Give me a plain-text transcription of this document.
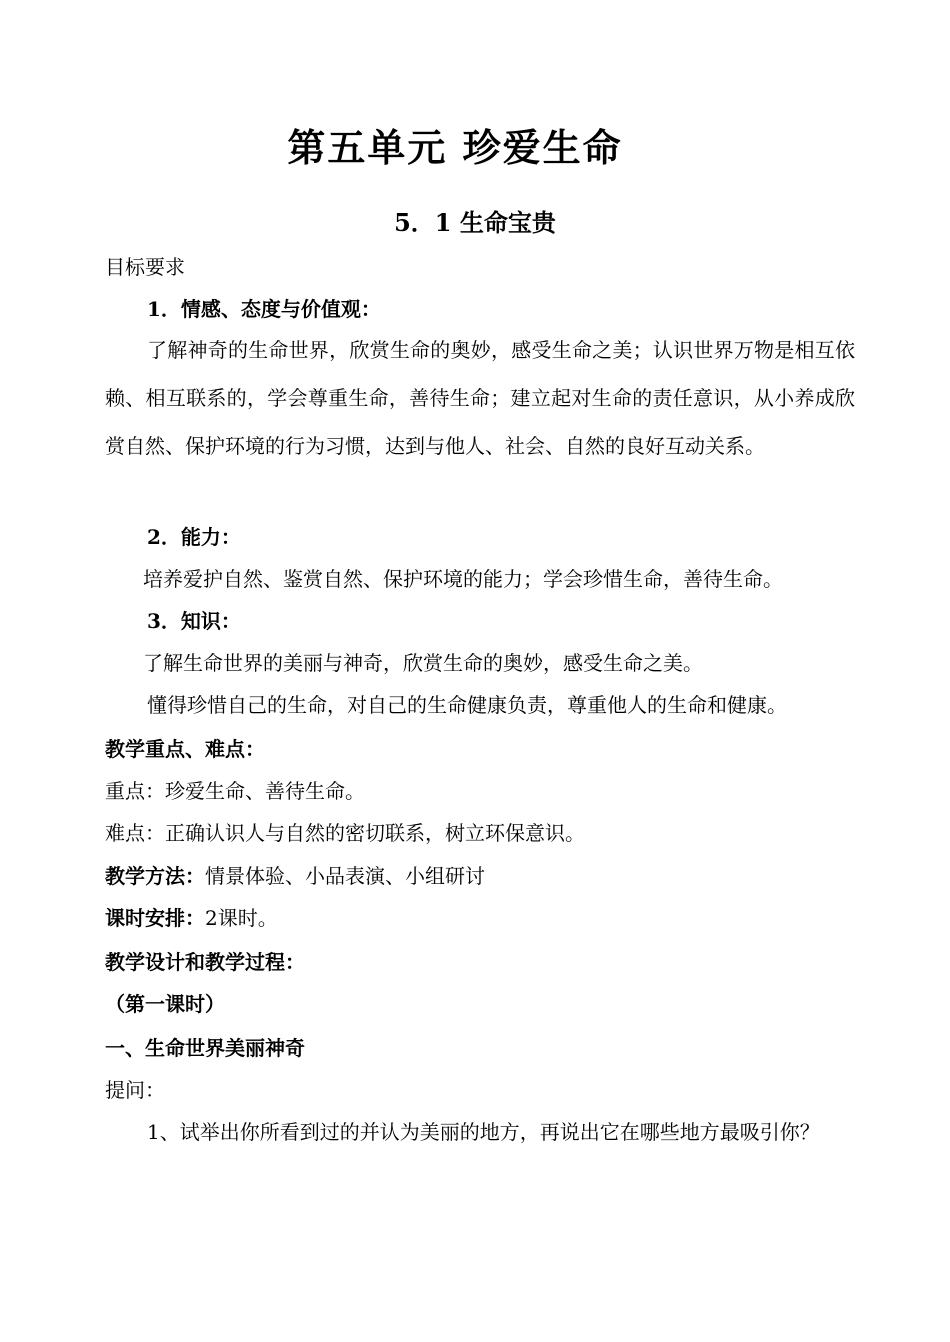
第五单元 珍爱生命
5．1 生命宝贵
目标要求
1．情感、态度与价值观：
了解神奇的生命世界，欣赏生命的奥妙，感受生命之美；认识世界万物是相互依赖、相互联系的，学会尊重生命，善待生命；建立起对生命的责任意识，从小养成欣赏自然、保护环境的行为习惯，达到与他人、社会、自然的良好互动关系。
2．能力：
培养爱护自然、鉴赏自然、保护环境的能力；学会珍惜生命，善待生命。
3．知识：
了解生命世界的美丽与神奇，欣赏生命的奥妙，感受生命之美。
懂得珍惜自己的生命，对自己的生命健康负责，尊重他人的生命和健康。
教学重点、难点：
重点：珍爱生命、善待生命。
难点：正确认识人与自然的密切联系，树立环保意识。
教学方法：情景体验、小品表演、小组研讨
课时安排：2课时。
教学设计和教学过程：
（第一课时）
一、生命世界美丽神奇
提问：
1、试举出你所看到过的并认为美丽的地方，再说出它在哪些地方最吸引你？
